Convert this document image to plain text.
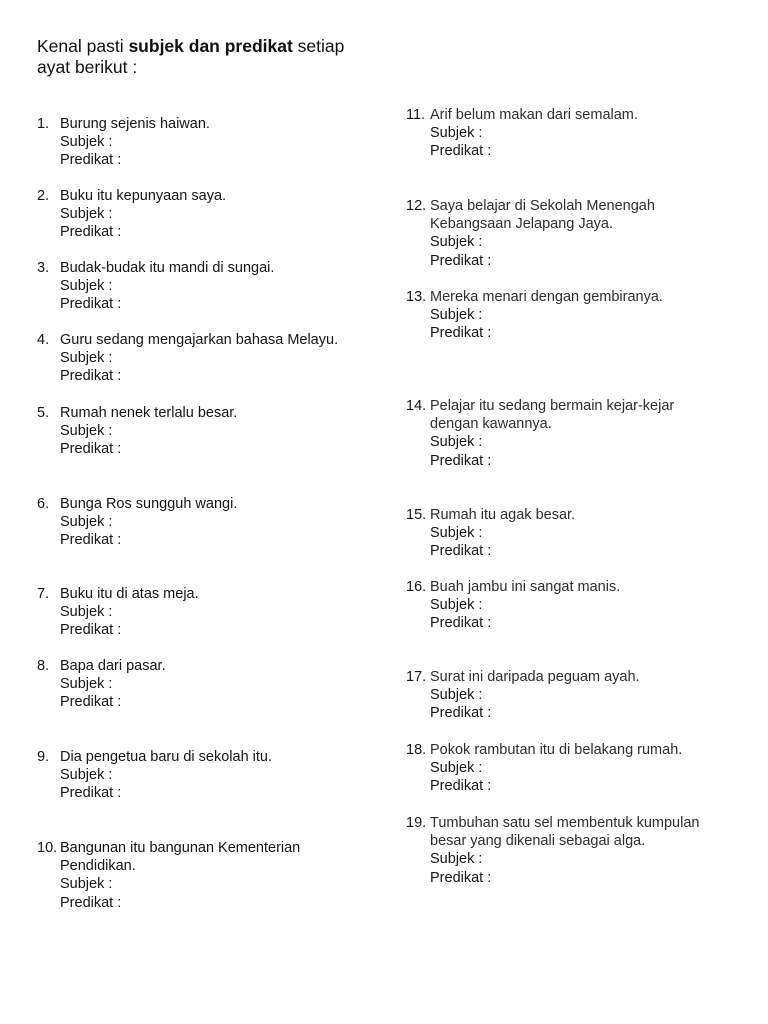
Kenal pasti subjek dan predikat setiap
ayat berikut :
1. Burung sejenis haiwan.
Subjek :
Predikat :
2. Buku itu kepunyaan saya.
Subjek :
Predikat :
3. Budak-budak itu mandi di sungai.
Subjek :
Predikat :
4. Guru sedang mengajarkan bahasa Melayu.
Subjek :
Predikat :
5. Rumah nenek terlalu besar.
Subjek :
Predikat :
6. Bunga Ros sungguh wangi.
Subjek :
Predikat :
7. Buku itu di atas meja.
Subjek :
Predikat :
8. Bapa dari pasar.
Subjek :
Predikat :
9. Dia pengetua baru di sekolah itu.
Subjek :
Predikat :
10. Bangunan itu bangunan Kementerian
Pendidikan.
Subjek :
Predikat :
11. Arif belum makan dari semalam.
Subjek :
Predikat :
12. Saya belajar di Sekolah Menengah
Kebangsaan Jelapang Jaya.
Subjek :
Predikat :
13. Mereka menari dengan gembiranya.
Subjek :
Predikat :
14. Pelajar itu sedang bermain kejar-kejar
dengan kawannya.
Subjek :
Predikat :
15. Rumah itu agak besar.
Subjek :
Predikat :
16. Buah jambu ini sangat manis.
Subjek :
Predikat :
17. Surat ini daripada peguam ayah.
Subjek :
Predikat :
18. Pokok rambutan itu di belakang rumah.
Subjek :
Predikat :
19. Tumbuhan satu sel membentuk kumpulan
besar yang dikenali sebagai alga.
Subjek :
Predikat :
